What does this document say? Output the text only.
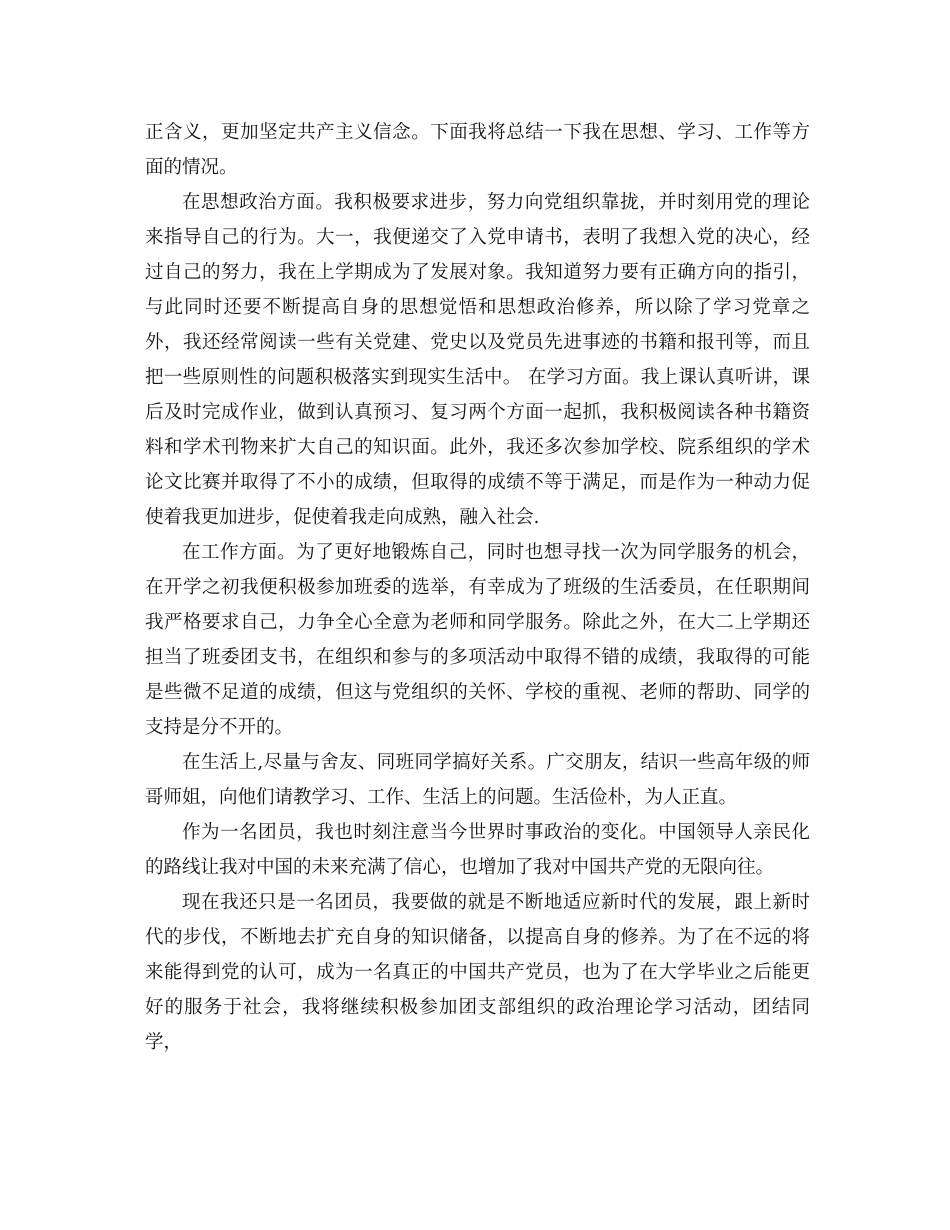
正含义，更加坚定共产主义信念。下面我将总结一下我在思想、学习、工作等方面的情况。

在思想政治方面。我积极要求进步，努力向党组织靠拢，并时刻用党的理论来指导自己的行为。大一，我便递交了入党申请书，表明了我想入党的决心，经过自己的努力，我在上学期成为了发展对象。我知道努力要有正确方向的指引，与此同时还要不断提高自身的思想觉悟和思想政治修养，所以除了学习党章之外，我还经常阅读一些有关党建、党史以及党员先进事迹的书籍和报刊等，而且把一些原则性的问题积极落实到现实生活中。 在学习方面。我上课认真听讲，课后及时完成作业，做到认真预习、复习两个方面一起抓，我积极阅读各种书籍资料和学术刊物来扩大自己的知识面。此外，我还多次参加学校、院系组织的学术论文比赛并取得了不小的成绩，但取得的成绩不等于满足，而是作为一种动力促使着我更加进步，促使着我走向成熟，融入社会.

在工作方面。为了更好地锻炼自己，同时也想寻找一次为同学服务的机会，在开学之初我便积极参加班委的选举，有幸成为了班级的生活委员，在任职期间我严格要求自己，力争全心全意为老师和同学服务。除此之外，在大二上学期还担当了班委团支书，在组织和参与的多项活动中取得不错的成绩，我取得的可能是些微不足道的成绩，但这与党组织的关怀、学校的重视、老师的帮助、同学的支持是分不开的。

在生活上,尽量与舍友、同班同学搞好关系。广交朋友，结识一些高年级的师哥师姐，向他们请教学习、工作、生活上的问题。生活俭朴，为人正直。

作为一名团员，我也时刻注意当今世界时事政治的变化。中国领导人亲民化的路线让我对中国的未来充满了信心，也增加了我对中国共产党的无限向往。

现在我还只是一名团员，我要做的就是不断地适应新时代的发展，跟上新时代的步伐，不断地去扩充自身的知识储备，以提高自身的修养。为了在不远的将来能得到党的认可，成为一名真正的中国共产党员，也为了在大学毕业之后能更好的服务于社会，我将继续积极参加团支部组织的政治理论学习活动，团结同学，
